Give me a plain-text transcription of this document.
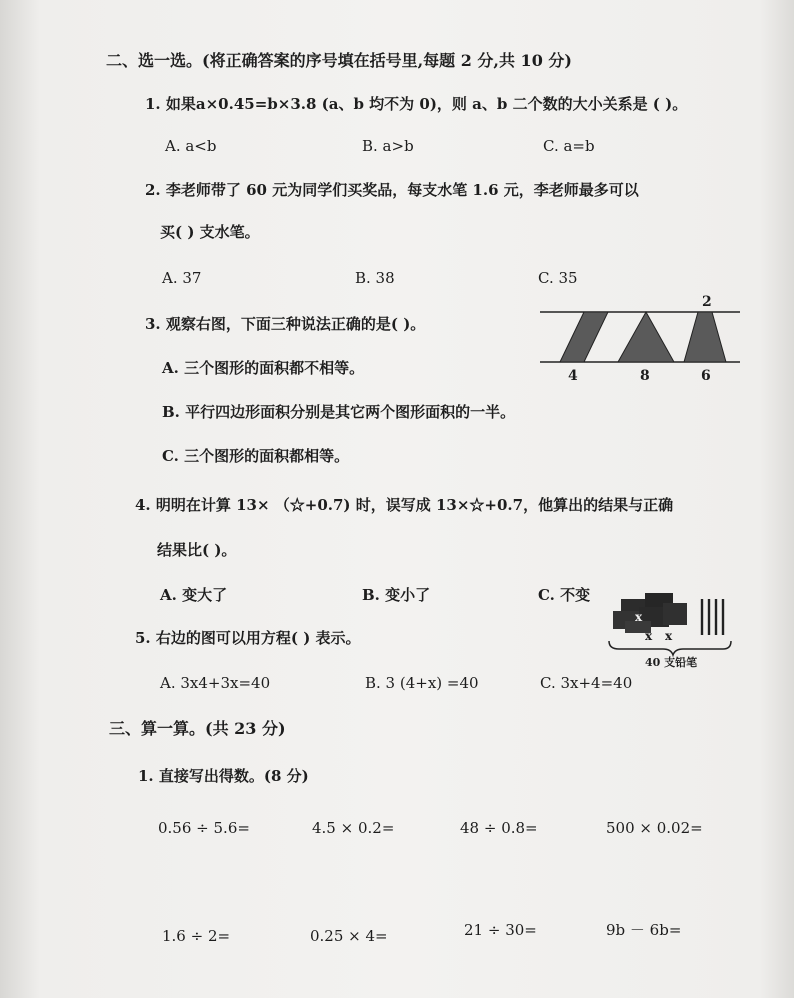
二、选一选。(将正确答案的序号填在括号里,每题 2 分,共 10 分)
1. 如果a×0.45=b×3.8 (a、b 均不为 0)，则 a、b 二个数的大小关系是 ( )。
A. a<b	B. a>b	C. a=b
2. 李老师带了 60 元为同学们买奖品，每支水笔 1.6 元，李老师最多可以
买( ) 支水笔。
A. 37	B. 38	C. 35
3. 观察右图，下面三种说法正确的是( )。
A. 三个图形的面积都不相等。
B. 平行四边形面积分别是其它两个图形面积的一半。
C. 三个图形的面积都相等。
2
4	8	6
4. 明明在计算 13× （☆+0.7) 时，误写成 13×☆+0.7，他算出的结果与正确
结果比( )。
A. 变大了	B. 变小了	C. 不变
5. 右边的图可以用方程( ) 表示。
A. 3x4+3x=40	B. 3 (4+x) =40	C. 3x+4=40
x
x x
40 支铅笔
三、算一算。(共 23 分)
1. 直接写出得数。(8 分)
0.56 ÷ 5.6=	4.5 × 0.2=	48 ÷ 0.8=	500 × 0.02=
1.6 ÷ 2=	0.25 × 4=	21 ÷ 30=	9b － 6b=
